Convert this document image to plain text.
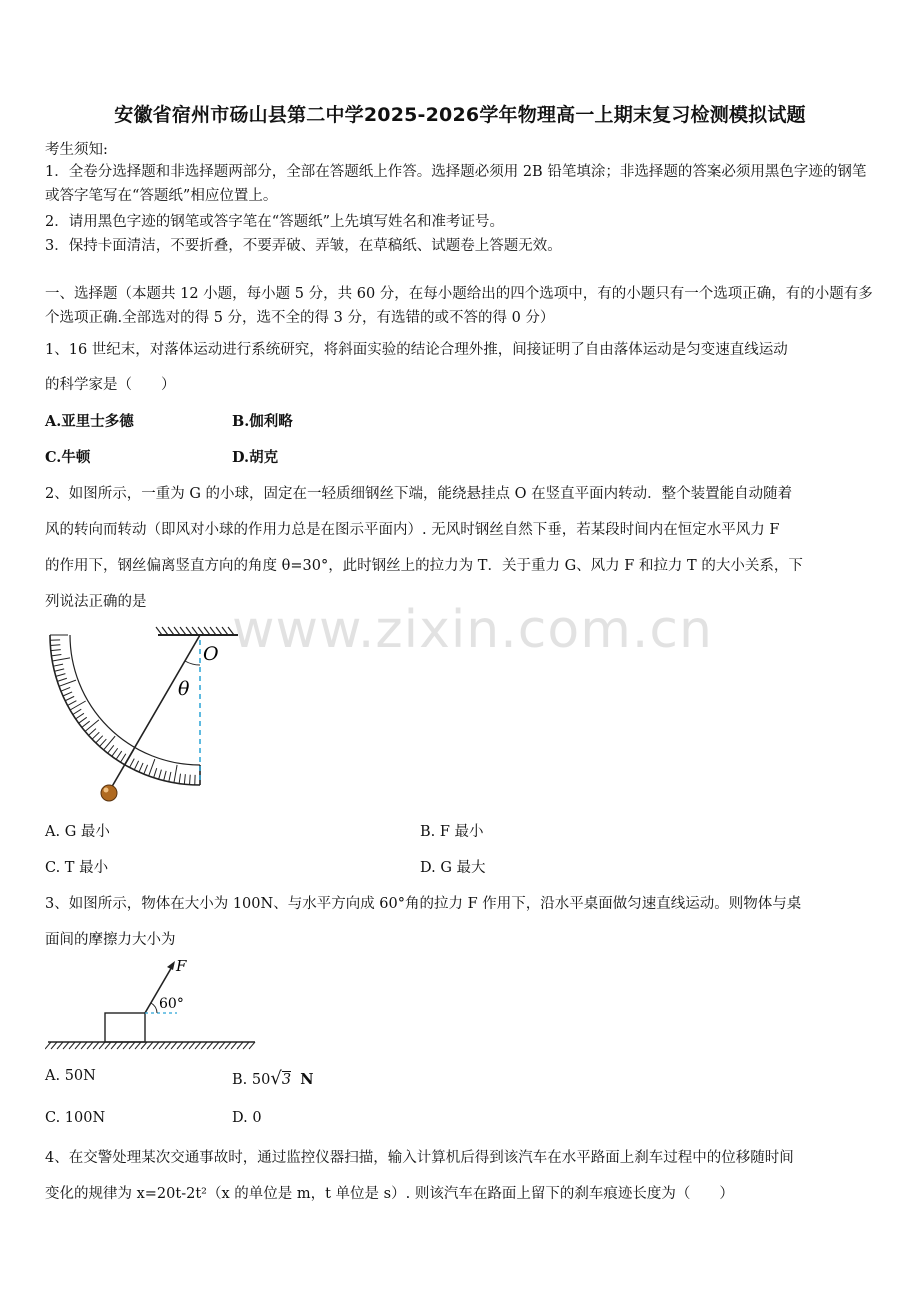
安徽省宿州市砀山县第二中学2025-2026学年物理高一上期末复习检测模拟试题
考生须知:
1．全卷分选择题和非选择题两部分，全部在答题纸上作答。选择题必须用 2B 铅笔填涂；非选择题的答案必须用黑色字迹的钢笔或答字笔写在“答题纸”相应位置上。
2．请用黑色字迹的钢笔或答字笔在“答题纸”上先填写姓名和准考证号。
3．保持卡面清洁，不要折叠，不要弄破、弄皱，在草稿纸、试题卷上答题无效。
一、选择题（本题共 12 小题，每小题 5 分，共 60 分，在每小题给出的四个选项中，有的小题只有一个选项正确，有的小题有多个选项正确.全部选对的得 5 分，选不全的得 3 分，有选错的或不答的得 0 分）
1、16 世纪末，对落体运动进行系统研究，将斜面实验的结论合理外推，间接证明了自由落体运动是匀变速直线运动
的科学家是（　　）
A.亚里士多德	B.伽利略
C.牛顿	D.胡克
2、如图所示，一重为 G 的小球，固定在一轻质细钢丝下端，能绕悬挂点 O 在竖直平面内转动．整个装置能自动随着
风的转向而转动（即风对小球的作用力总是在图示平面内）. 无风时钢丝自然下垂，若某段时间内在恒定水平风力 F
的作用下，钢丝偏离竖直方向的角度 θ=30°，此时钢丝上的拉力为 T．关于重力 G、风力 F 和拉力 T 的大小关系，下
列说法正确的是 www.zixin.com.cn
O
θ
A. G 最小	B. F 最小
C. T 最小	D. G 最大
3、如图所示，物体在大小为 100N、与水平方向成 60°角的拉力 F 作用下，沿水平桌面做匀速直线运动。则物体与桌
面间的摩擦力大小为
F
60°
A. 50N	B. 50√3 N
C. 100N	D. 0
4、在交警处理某次交通事故时，通过监控仪器扫描，输入计算机后得到该汽车在水平路面上刹车过程中的位移随时间
变化的规律为 x=20t-2t²（x 的单位是 m，t 单位是 s）. 则该汽车在路面上留下的刹车痕迹长度为（　　）
